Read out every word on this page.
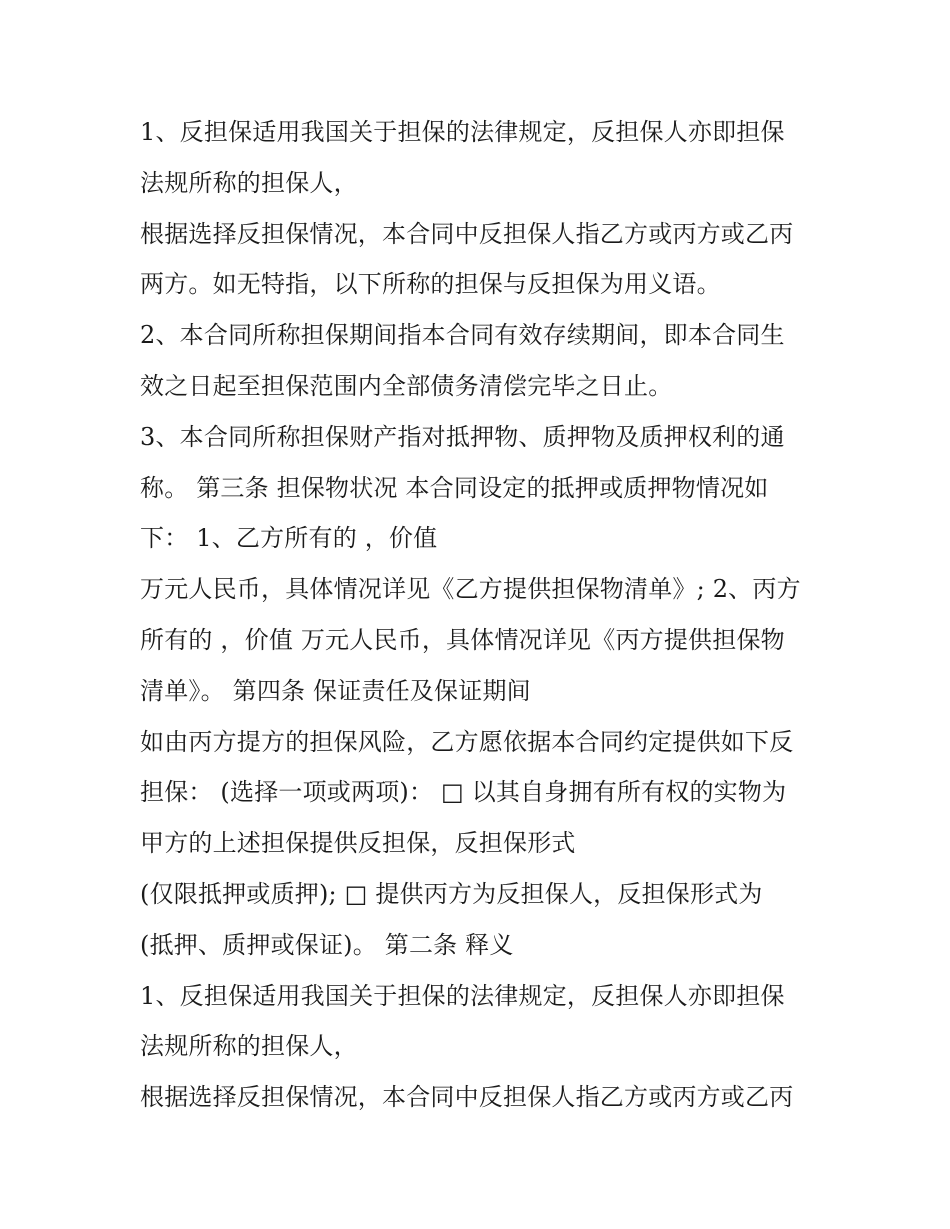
1、反担保适用我国关于担保的法律规定，反担保人亦即担保
法规所称的担保人，
根据选择反担保情况，本合同中反担保人指乙方或丙方或乙丙
两方。如无特指，以下所称的担保与反担保为用义语。
2、本合同所称担保期间指本合同有效存续期间，即本合同生
效之日起至担保范围内全部债务清偿完毕之日止。
3、本合同所称担保财产指对抵押物、质押物及质押权利的通
称。 第三条 担保物状况 本合同设定的抵押或质押物情况如
下： 1、乙方所有的 ，价值
万元人民币，具体情况详见《乙方提供担保物清单》; 2、丙方
所有的 ，价值 万元人民币，具体情况详见《丙方提供担保物
清单》。 第四条 保证责任及保证期间
如由丙方提方的担保风险，乙方愿依据本合同约定提供如下反
担保： (选择一项或两项)： □ 以其自身拥有所有权的实物为
甲方的上述担保提供反担保，反担保形式
(仅限抵押或质押); □ 提供丙方为反担保人，反担保形式为
(抵押、质押或保证)。 第二条 释义
1、反担保适用我国关于担保的法律规定，反担保人亦即担保
法规所称的担保人，
根据选择反担保情况，本合同中反担保人指乙方或丙方或乙丙
